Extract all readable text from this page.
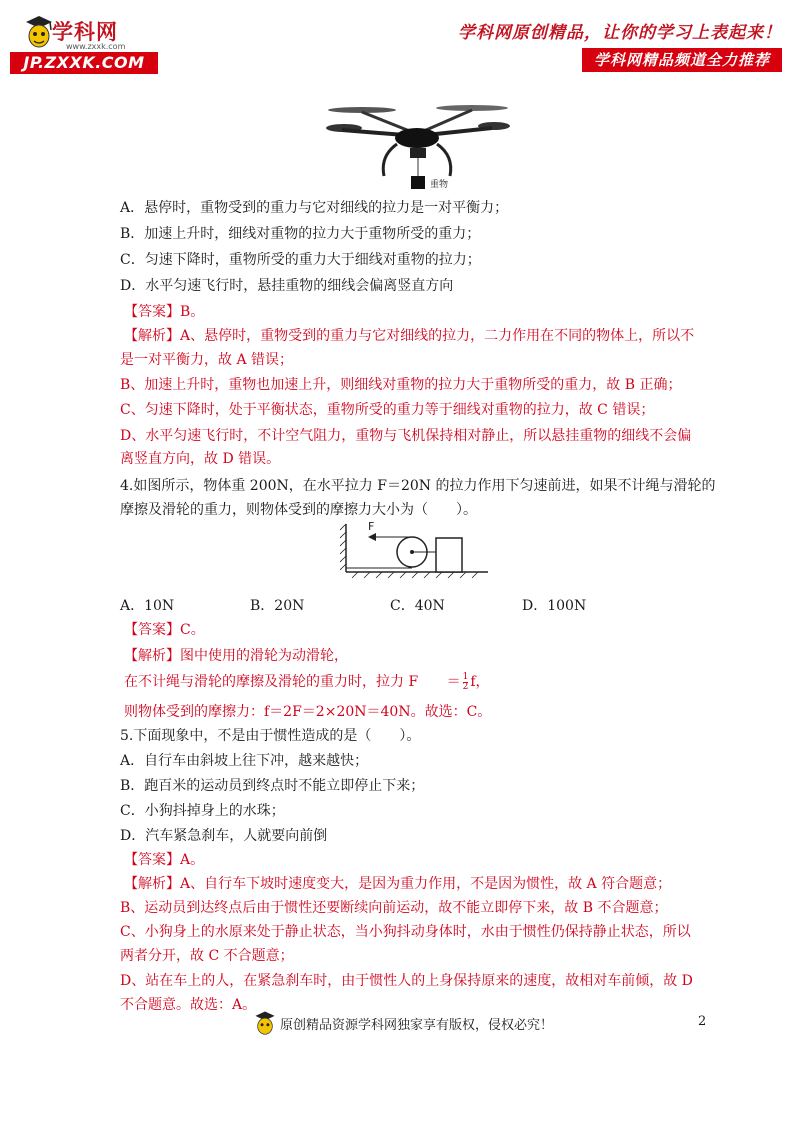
学科网
www.zxxk.com
JP.ZXXK.COM
学科网原创精品，让你的学习上表起来！
学科网精品频道全力推荐
重物
A．悬停时，重物受到的重力与它对细线的拉力是一对平衡力；
B．加速上升时，细线对重物的拉力大于重物所受的重力；
C．匀速下降时，重物所受的重力大于细线对重物的拉力；
D．水平匀速飞行时，悬挂重物的细线会偏离竖直方向
【答案】B。
【解析】A、悬停时，重物受到的重力与它对细线的拉力，二力作用在不同的物体上，所以不
是一对平衡力，故 A 错误；
B、加速上升时，重物也加速上升，则细线对重物的拉力大于重物所受的重力，故 B 正确；
C、匀速下降时，处于平衡状态，重物所受的重力等于细线对重物的拉力，故 C 错误；
D、水平匀速飞行时，不计空气阻力，重物与飞机保持相对静止，所以悬挂重物的细线不会偏
离竖直方向，故 D 错误。
4.如图所示，物体重 200N，在水平拉力 F＝20N 的拉力作用下匀速前进，如果不计绳与滑轮的
摩擦及滑轮的重力，则物体受到的摩擦力大小为（　　）。
A．10N	B．20N	C．40N	D．100N
【答案】C。
【解析】图中使用的滑轮为动滑轮，
在不计绳与滑轮的摩擦及滑轮的重力时，拉力 $F = \frac{1}{2}$ f，
则物体受到的摩擦力：f＝2F＝2×20N＝40N。故选：C。
5.下面现象中，不是由于惯性造成的是（　　）。
A．自行车由斜坡上往下冲，越来越快；
B．跑百米的运动员到终点时不能立即停止下来；
C．小狗抖掉身上的水珠；
D．汽车紧急刹车，人就要向前倒
【答案】A。
【解析】A、自行车下坡时速度变大，是因为重力作用，不是因为惯性，故 A 符合题意；
B、运动员到达终点后由于惯性还要断续向前运动，故不能立即停下来，故 B 不合题意；
C、小狗身上的水原来处于静止状态，当小狗抖动身体时，水由于惯性仍保持静止状态，所以
两者分开，故 C 不合题意；
D、站在车上的人，在紧急刹车时，由于惯性人的上身保持原来的速度，故相对车前倾，故 D
不合题意。故选：A。
F
原创精品资源学科网独家享有版权，侵权必究！	2
